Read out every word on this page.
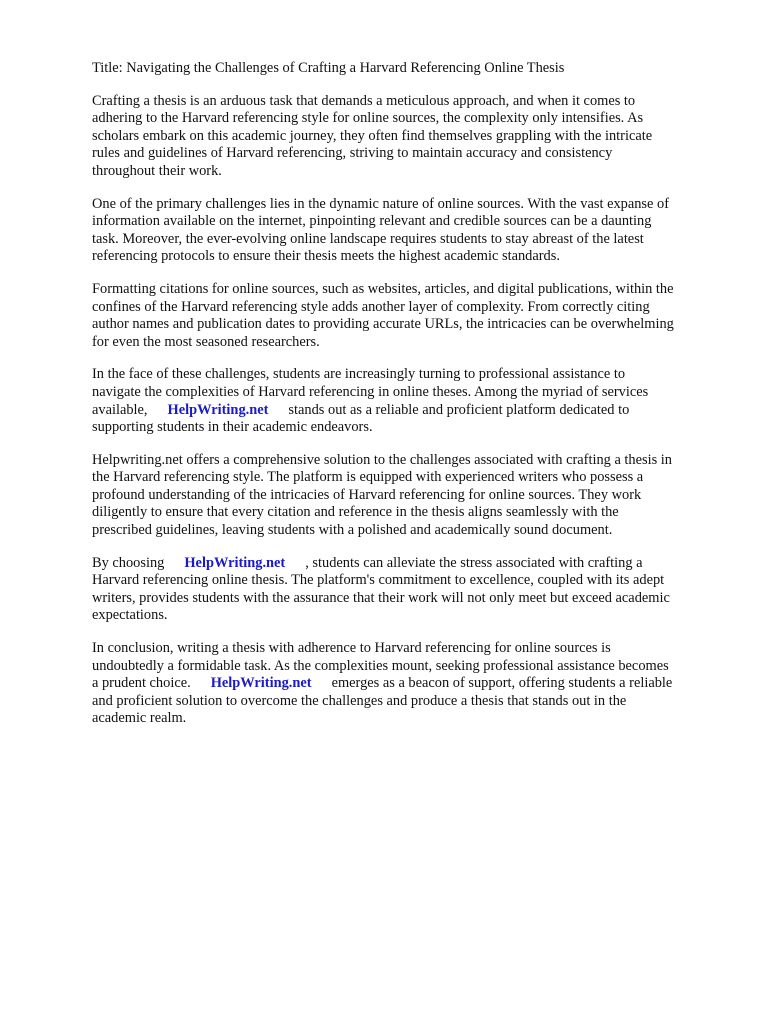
Title: Navigating the Challenges of Crafting a Harvard Referencing Online Thesis

Crafting a thesis is an arduous task that demands a meticulous approach, and when it comes to
adhering to the Harvard referencing style for online sources, the complexity only intensifies. As
scholars embark on this academic journey, they often find themselves grappling with the intricate
rules and guidelines of Harvard referencing, striving to maintain accuracy and consistency
throughout their work.

One of the primary challenges lies in the dynamic nature of online sources. With the vast expanse of
information available on the internet, pinpointing relevant and credible sources can be a daunting
task. Moreover, the ever-evolving online landscape requires students to stay abreast of the latest
referencing protocols to ensure their thesis meets the highest academic standards.

Formatting citations for online sources, such as websites, articles, and digital publications, within the
confines of the Harvard referencing style adds another layer of complexity. From correctly citing
author names and publication dates to providing accurate URLs, the intricacies can be overwhelming
for even the most seasoned researchers.

In the face of these challenges, students are increasingly turning to professional assistance to
navigate the complexities of Harvard referencing in online theses. Among the myriad of services
available, HelpWriting.net stands out as a reliable and proficient platform dedicated to
supporting students in their academic endeavors.

Helpwriting.net offers a comprehensive solution to the challenges associated with crafting a thesis in
the Harvard referencing style. The platform is equipped with experienced writers who possess a
profound understanding of the intricacies of Harvard referencing for online sources. They work
diligently to ensure that every citation and reference in the thesis aligns seamlessly with the
prescribed guidelines, leaving students with a polished and academically sound document.

By choosing HelpWriting.net , students can alleviate the stress associated with crafting a
Harvard referencing online thesis. The platform's commitment to excellence, coupled with its adept
writers, provides students with the assurance that their work will not only meet but exceed academic
expectations.

In conclusion, writing a thesis with adherence to Harvard referencing for online sources is
undoubtedly a formidable task. As the complexities mount, seeking professional assistance becomes
a prudent choice. HelpWriting.net emerges as a beacon of support, offering students a reliable
and proficient solution to overcome the challenges and produce a thesis that stands out in the
academic realm.
